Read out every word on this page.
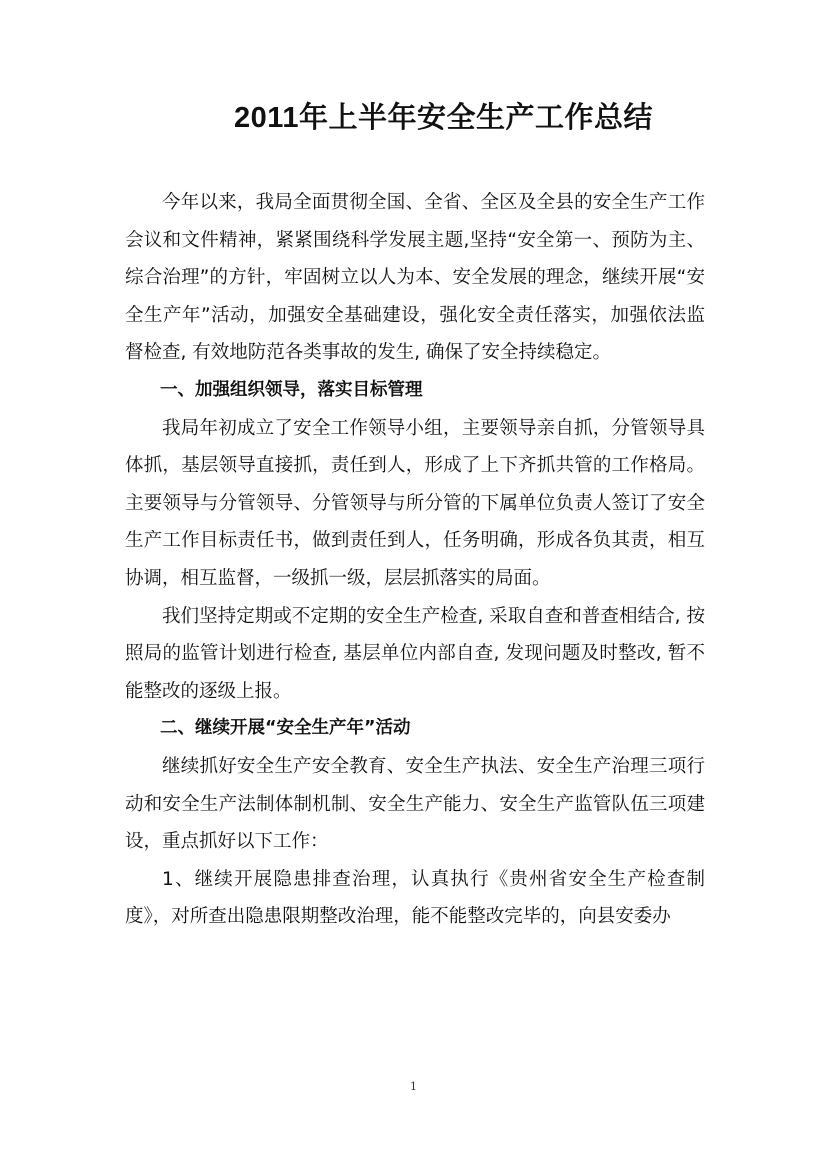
2011年上半年安全生产工作总结

今年以来，我局全面贯彻全国、全省、全区及全县的安全生产工作会议和文件精神，紧紧围绕科学发展主题,坚持“安全第一、预防为主、综合治理”的方针，牢固树立以人为本、安全发展的理念，继续开展“安全生产年”活动，加强安全基础建设，强化安全责任落实，加强依法监督检查, 有效地防范各类事故的发生, 确保了安全持续稳定。

一、加强组织领导，落实目标管理

我局年初成立了安全工作领导小组，主要领导亲自抓，分管领导具体抓，基层领导直接抓，责任到人，形成了上下齐抓共管的工作格局。主要领导与分管领导、分管领导与所分管的下属单位负责人签订了安全生产工作目标责任书，做到责任到人，任务明确，形成各负其责，相互协调，相互监督，一级抓一级，层层抓落实的局面。

我们坚持定期或不定期的安全生产检查, 采取自查和普查相结合, 按照局的监管计划进行检查, 基层单位内部自查, 发现问题及时整改, 暂不能整改的逐级上报。

二、继续开展“安全生产年”活动

继续抓好安全生产安全教育、安全生产执法、安全生产治理三项行动和安全生产法制体制机制、安全生产能力、安全生产监管队伍三项建设，重点抓好以下工作：

1、继续开展隐患排查治理，认真执行《贵州省安全生产检查制度》，对所查出隐患限期整改治理，能不能整改完毕的，向县安委办

1
